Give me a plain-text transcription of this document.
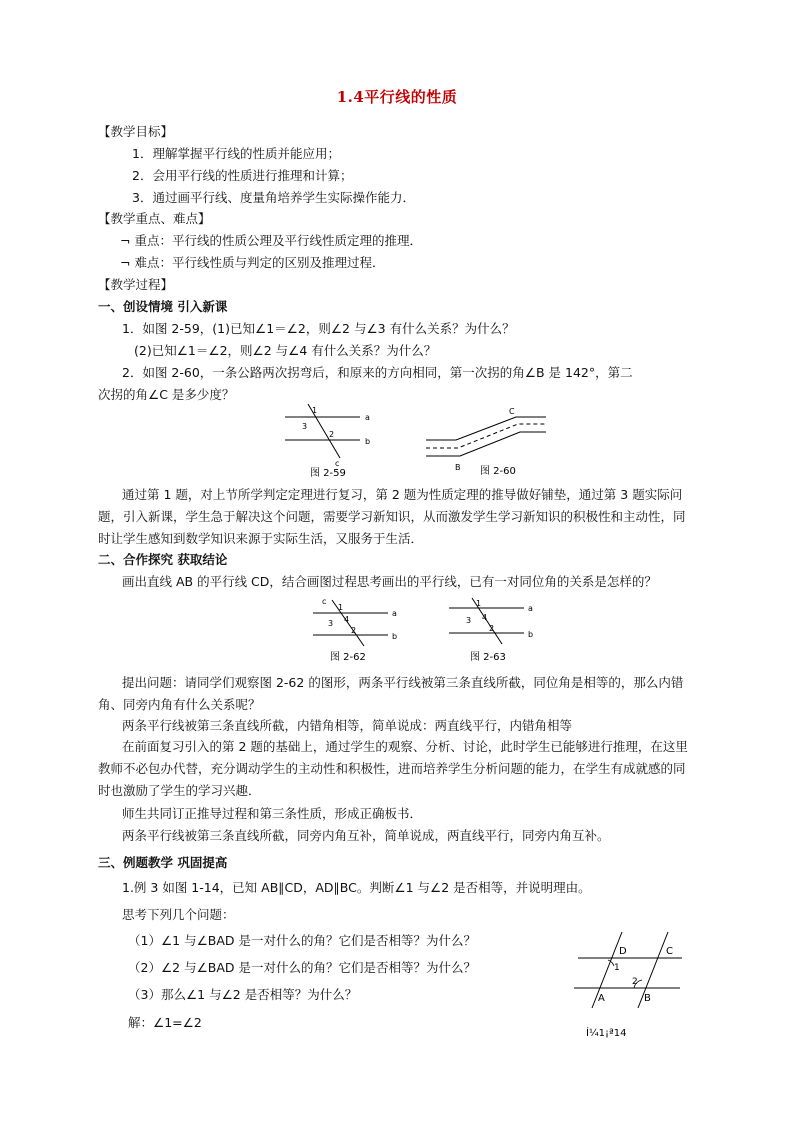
1.4平行线的性质
【教学目标】
1．理解掌握平行线的性质并能应用；
2．会用平行线的性质进行推理和计算；
3．通过画平行线、度量角培养学生实际操作能力．
【教学重点、难点】
¬ 重点：平行线的性质公理及平行线性质定理的推理．
¬ 难点：平行线性质与判定的区别及推理过程．
【教学过程】
一、创设情境 引入新课
1．如图 2-59，(1)已知∠1＝∠2，则∠2 与∠3 有什么关系？为什么？
(2)已知∠1＝∠2，则∠2 与∠4 有什么关系？为什么？
2．如图 2-60，一条公路两次拐弯后，和原来的方向相同，第一次拐的角∠B 是 142°，第二
次拐的角∠C 是多少度？
1
3
2
a
b
c
图 2-59
C
B 图 2-60
通过第 1 题，对上节所学判定定理进行复习，第 2 题为性质定理的推导做好铺垫，通过第 3 题实际问题，引入新课，学生急于解决这个问题，需要学习新知识，从而激发学生学习新知识的积极性和主动性，同时让学生感知到数学知识来源于实际生活，又服务于生活．
二、合作探究 获取结论
画出直线 AB 的平行线 CD，结合画图过程思考画出的平行线，已有一对同位角的关系是怎样的？
c
1
3 4
2
a
b
图 2-62
1
3 4
2
a
b
图 2-63
提出问题：请同学们观察图 2-62 的图形，两条平行线被第三条直线所截，同位角是相等的，那么内错角、同旁内角有什么关系呢？
两条平行线被第三条直线所截，内错角相等，简单说成：两直线平行，内错角相等
在前面复习引入的第 2 题的基础上，通过学生的观察、分析、讨论，此时学生已能够进行推理，在这里教师不必包办代替，充分调动学生的主动性和积极性，进而培养学生分析问题的能力，在学生有成就感的同时也激励了学生的学习兴趣．
师生共同订正推导过程和第三条性质，形成正确板书．
两条平行线被第三条直线所截，同旁内角互补，简单说成，两直线平行，同旁内角互补。
三、例题教学 巩固提高
1.例 3 如图 1-14，已知 AB∥CD，AD∥BC。判断∠1 与∠2 是否相等，并说明理由。
思考下列几个问题：
（1）∠1 与∠BAD 是一对什么的角？它们是否相等？为什么？
（2）∠2 与∠BAD 是一对什么的角？它们是否相等？为什么？
（3）那么∠1 与∠2 是否相等？为什么？
解：∠1=∠2
D	C
1
2
A	B
Í¼1¡ª14
